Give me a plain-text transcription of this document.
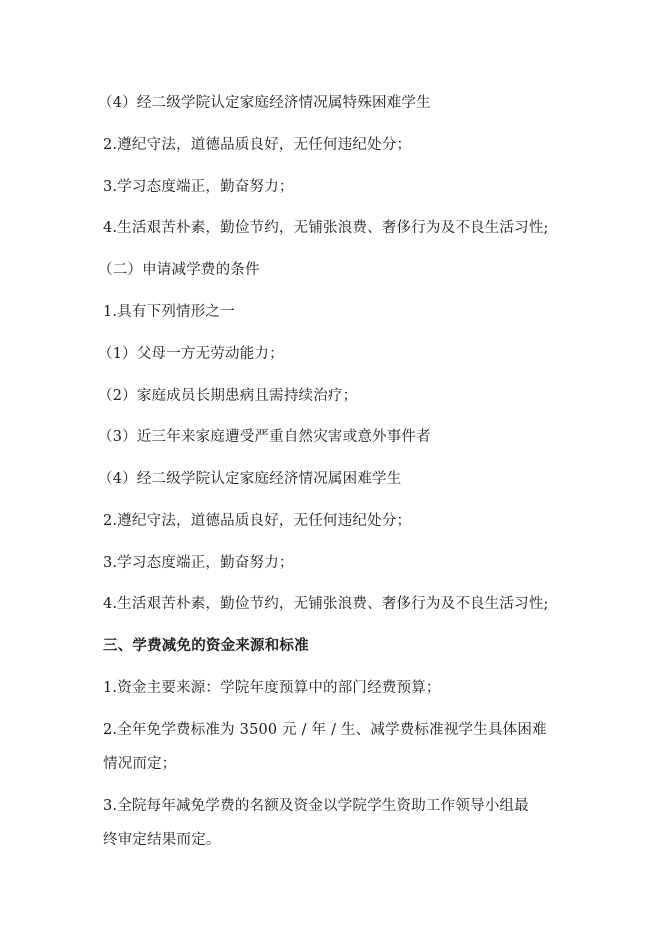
（4）经二级学院认定家庭经济情况属特殊困难学生
2.遵纪守法，道德品质良好，无任何违纪处分；
3.学习态度端正，勤奋努力；
4.生活艰苦朴素，勤俭节约，无铺张浪费、奢侈行为及不良生活习性;
（二）申请减学费的条件
1.具有下列情形之一
（1）父母一方无劳动能力；
（2）家庭成员长期患病且需持续治疗；
（3）近三年来家庭遭受严重自然灾害或意外事件者
（4）经二级学院认定家庭经济情况属困难学生
2.遵纪守法，道德品质良好，无任何违纪处分；
3.学习态度端正，勤奋努力；
4.生活艰苦朴素，勤俭节约，无铺张浪费、奢侈行为及不良生活习性;
三、学费减免的资金来源和标准
1.资金主要来源：学院年度预算中的部门经费预算；
2.全年免学费标准为 3500 元 / 年 / 生、减学费标准视学生具体困难
情况而定；
3.全院每年减免学费的名额及资金以学院学生资助工作领导小组最
终审定结果而定。
